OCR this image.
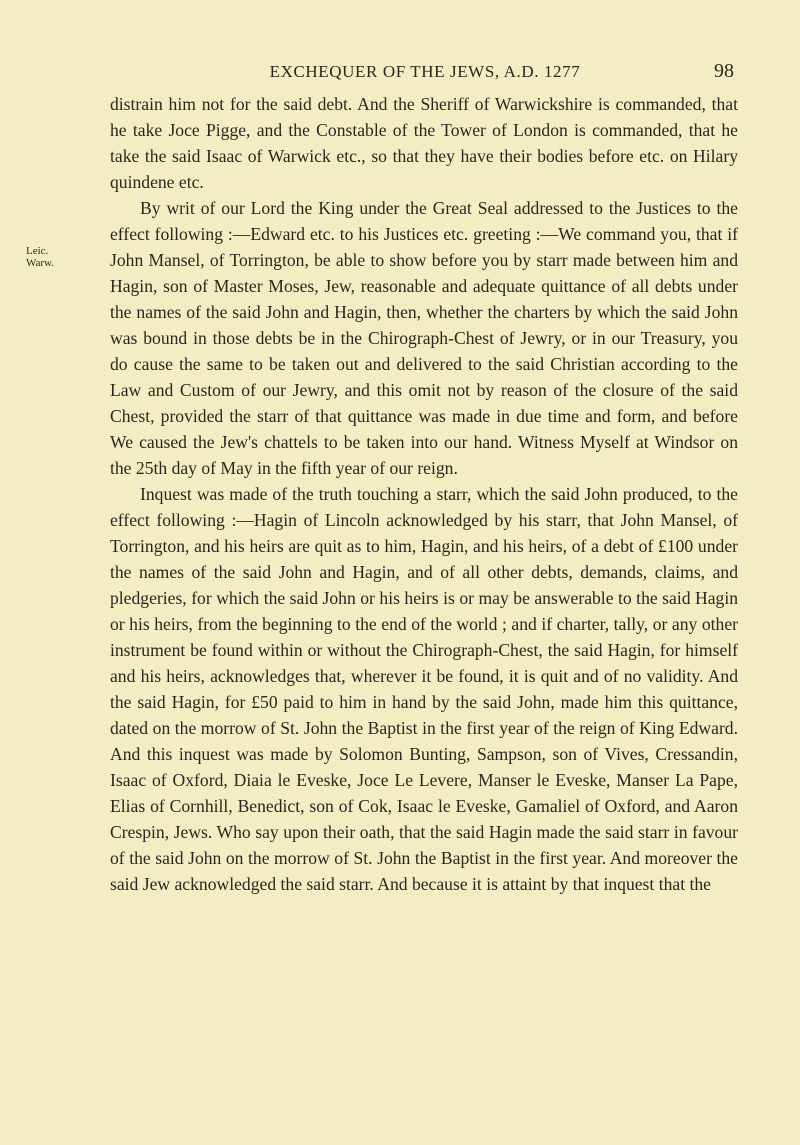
EXCHEQUER OF THE JEWS, A.D. 1277	98
Leic.
Warw.

distrain him not for the said debt. And the Sheriff of Warwickshire is commanded, that he take Joce Pigge, and the Constable of the Tower of London is commanded, that he take the said Isaac of Warwick etc., so that they have their bodies before etc. on Hilary quindene etc.

By writ of our Lord the King under the Great Seal addressed to the Justices to the effect following :—Edward etc. to his Justices etc. greeting :—We command you, that if John Mansel, of Torrington, be able to show before you by starr made between him and Hagin, son of Master Moses, Jew, reasonable and adequate quittance of all debts under the names of the said John and Hagin, then, whether the charters by which the said John was bound in those debts be in the Chirograph-Chest of Jewry, or in our Treasury, you do cause the same to be taken out and delivered to the said Christian according to the Law and Custom of our Jewry, and this omit not by reason of the closure of the said Chest, provided the starr of that quittance was made in due time and form, and before We caused the Jew's chattels to be taken into our hand. Witness Myself at Windsor on the 25th day of May in the fifth year of our reign.

Inquest was made of the truth touching a starr, which the said John produced, to the effect following :—Hagin of Lincoln acknowledged by his starr, that John Mansel, of Torrington, and his heirs are quit as to him, Hagin, and his heirs, of a debt of £100 under the names of the said John and Hagin, and of all other debts, demands, claims, and pledgeries, for which the said John or his heirs is or may be answerable to the said Hagin or his heirs, from the beginning to the end of the world ; and if charter, tally, or any other instrument be found within or without the Chirograph-Chest, the said Hagin, for himself and his heirs, acknowledges that, wherever it be found, it is quit and of no validity. And the said Hagin, for £50 paid to him in hand by the said John, made him this quittance, dated on the morrow of St. John the Baptist in the first year of the reign of King Edward. And this inquest was made by Solomon Bunting, Sampson, son of Vives, Cressandin, Isaac of Oxford, Diaia le Eveske, Joce Le Levere, Manser le Eveske, Manser La Pape, Elias of Cornhill, Benedict, son of Cok, Isaac le Eveske, Gamaliel of Oxford, and Aaron Crespin, Jews. Who say upon their oath, that the said Hagin made the said starr in favour of the said John on the morrow of St. John the Baptist in the first year. And moreover the said Jew acknowledged the said starr. And because it is attaint by that inquest that the
